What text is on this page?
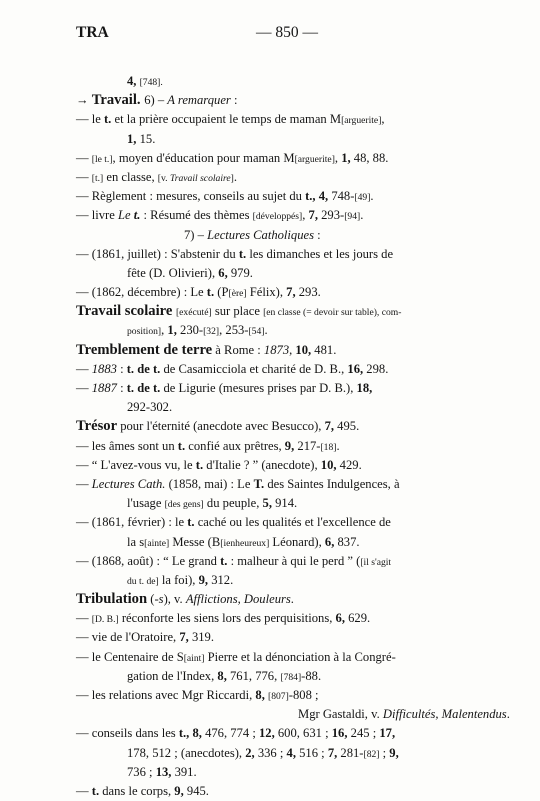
TRA	— 850 —
4, [748].
→ Travail. 6) – A remarquer :
— le t. et la prière occupaient le temps de maman M[arguerite],
1, 15.
— [le t.], moyen d'éducation pour maman M[arguerite], 1, 48, 88.
— [t.] en classe, [v. Travail scolaire].
— Règlement : mesures, conseils au sujet du t., 4, 748-[49].
— livre Le t. : Résumé des thèmes [développés], 7, 293-[94].
7) – Lectures Catholiques :
— (1861, juillet) : S'abstenir du t. les dimanches et les jours de
fête (D. Olivieri), 6, 979.
— (1862, décembre) : Le t. (P[ère] Félix), 7, 293.
Travail scolaire [exécuté] sur place [en classe (= devoir sur table), com-
position], 1, 230-[32], 253-[54].
Tremblement de terre à Rome : 1873, 10, 481.
— 1883 : t. de t. de Casamicciola et charité de D. B., 16, 298.
— 1887 : t. de t. de Ligurie (mesures prises par D. B.), 18,
292-302.
Trésor pour l'éternité (anecdote avec Besucco), 7, 495.
— les âmes sont un t. confié aux prêtres, 9, 217-[18].
— “ L'avez-vous vu, le t. d'Italie ? ” (anecdote), 10, 429.
— Lectures Cath. (1858, mai) : Le T. des Saintes Indulgences, à
l'usage [des gens] du peuple, 5, 914.
— (1861, février) : le t. caché ou les qualités et l'excellence de
la s[ainte] Messe (B[ienheureux] Léonard), 6, 837.
— (1868, août) : “ Le grand t. : malheur à qui le perd ” ([il s'agit
du t. de] la foi), 9, 312.
Tribulation (-s), v. Afflictions, Douleurs.
— [D. B.] réconforte les siens lors des perquisitions, 6, 629.
— vie de l'Oratoire, 7, 319.
— le Centenaire de S[aint] Pierre et la dénonciation à la Congré-
gation de l'Index, 8, 761, 776, [784]-88.
— les relations avec Mgr Riccardi, 8, [807]-808 ;
Mgr Gastaldi, v. Difficultés, Malentendus.
— conseils dans les t., 8, 476, 774 ; 12, 600, 631 ; 16, 245 ; 17,
178, 512 ; (anecdotes), 2, 336 ; 4, 516 ; 7, 281-[82] ; 9,
736 ; 13, 391.
— t. dans le corps, 9, 945.
